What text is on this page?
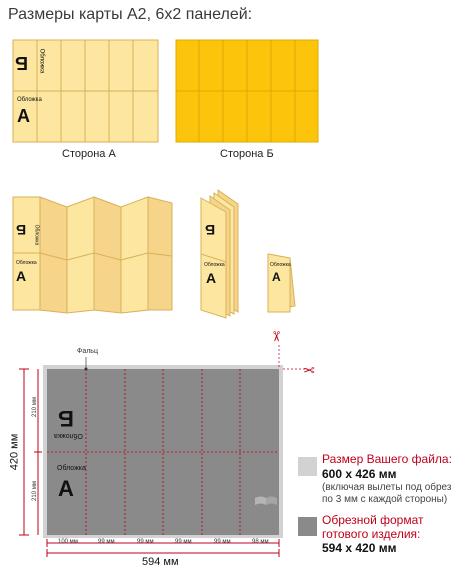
Размеры карты А2, 6х2 панелей:
✂
✂
Б Обложка
Обложка
А
Сторона А	Сторона Б
Б Обложка
Обложка
А
Б
Обложка
А
Обложка
А
Б
Обложка
Обложка
А
Фальц
420 мм
210 мм
210 мм
100 мм	99 мм	99 мм	99 мм	99 мм	98 мм
594 мм
Размер Вашего файла:
600 x 426 мм
(включая вылеты под обрез
по 3 мм с каждой стороны)
Обрезной формат
готового изделия:
594 x 420 мм
